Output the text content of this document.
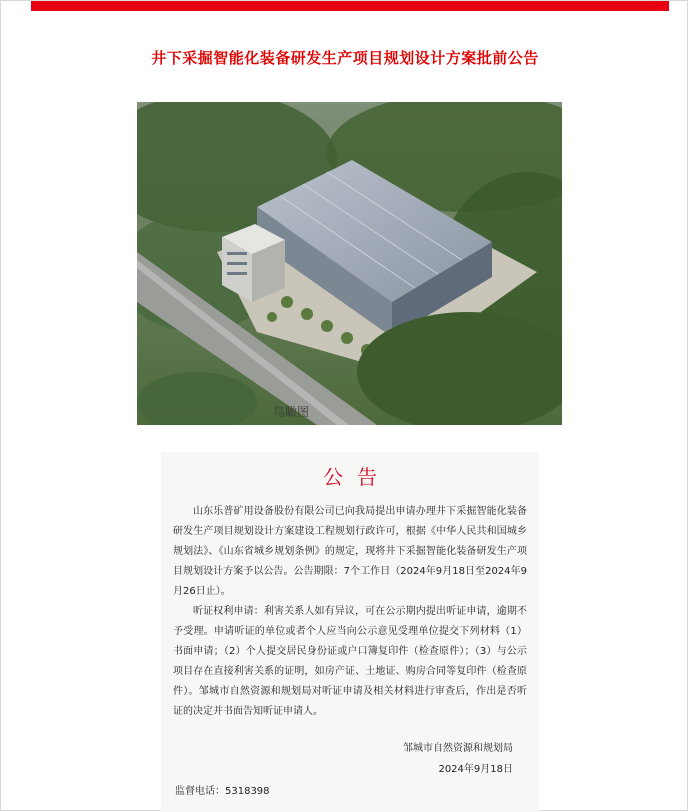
井下采掘智能化装备研发生产项目规划设计方案批前公告
鸟瞰图
公告

山东乐普矿用设备股份有限公司已向我局提出申请办理井下采掘智能化装备研发生产项目规划设计方案建设工程规划行政许可，根据《中华人民共和国城乡规划法》、《山东省城乡规划条例》的规定，现将井下采掘智能化装备研发生产项目规划设计方案予以公告。公告期限：7个工作日（2024年9月18日至2024年9月26日止）。

听证权利申请：利害关系人如有异议，可在公示期内提出听证申请，逾期不予受理。申请听证的单位或者个人应当向公示意见受理单位提交下列材料（1）书面申请；（2）个人提交居民身份证或户口簿复印件（检查原件）；（3）与公示项目存在直接利害关系的证明，如房产证、土地证、购房合同等复印件（检查原件）。邹城市自然资源和规划局对听证申请及相关材料进行审查后，作出是否听证的决定并书面告知听证申请人。

邹城市自然资源和规划局
2024年9月18日
监督电话：5318398
